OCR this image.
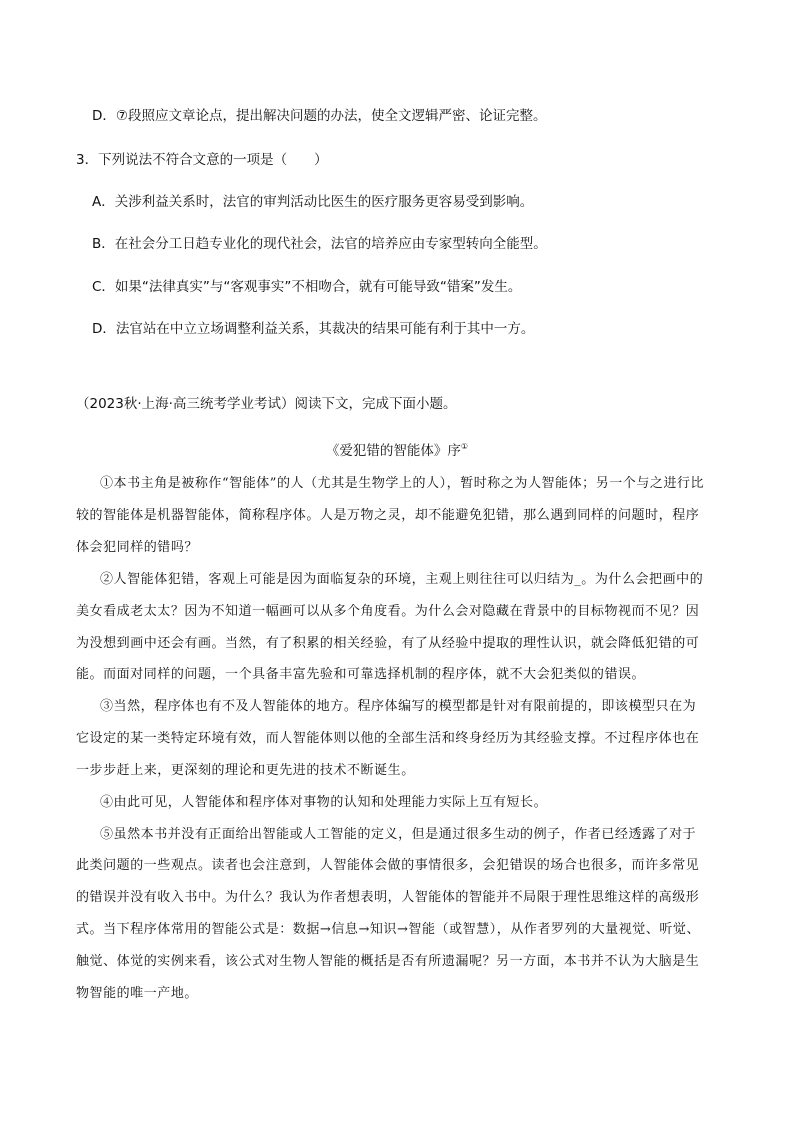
D．⑦段照应文章论点，提出解决问题的办法，使全文逻辑严密、论证完整。
3．下列说法不符合文意的一项是（　　）
A．关涉利益关系时，法官的审判活动比医生的医疗服务更容易受到影响。
B．在社会分工日趋专业化的现代社会，法官的培养应由专家型转向全能型。
C．如果“法律真实”与“客观事实”不相吻合，就有可能导致“错案”发生。
D．法官站在中立立场调整利益关系，其裁决的结果可能有利于其中一方。
（2023秋·上海·高三统考学业考试）阅读下文，完成下面小题。
《爱犯错的智能体》序①
①本书主角是被称作“智能体”的人（尤其是生物学上的人），暂时称之为人智能体；另一个与之进行比
较的智能体是机器智能体，简称程序体。人是万物之灵，却不能避免犯错，那么遇到同样的问题时，程序
体会犯同样的错吗？
②人智能体犯错，客观上可能是因为面临复杂的环境，主观上则往往可以归结为_。为什么会把画中的
美女看成老太太？因为不知道一幅画可以从多个角度看。为什么会对隐藏在背景中的目标物视而不见？因
为没想到画中还会有画。当然，有了积累的相关经验，有了从经验中提取的理性认识，就会降低犯错的可
能。而面对同样的问题，一个具备丰富先验和可靠选择机制的程序体，就不大会犯类似的错误。
③当然，程序体也有不及人智能体的地方。程序体编写的模型都是针对有限前提的，即该模型只在为
它设定的某一类特定环境有效，而人智能体则以他的全部生活和终身经历为其经验支撑。不过程序体也在
一步步赶上来，更深刻的理论和更先进的技术不断诞生。
④由此可见，人智能体和程序体对事物的认知和处理能力实际上互有短长。
⑤虽然本书并没有正面给出智能或人工智能的定义，但是通过很多生动的例子，作者已经透露了对于
此类问题的一些观点。读者也会注意到，人智能体会做的事情很多，会犯错误的场合也很多，而许多常见
的错误并没有收入书中。为什么？我认为作者想表明，人智能体的智能并不局限于理性思维这样的高级形
式。当下程序体常用的智能公式是：数据→信息→知识→智能（或智慧），从作者罗列的大量视觉、听觉、
触觉、体觉的实例来看，该公式对生物人智能的概括是否有所遗漏呢？另一方面，本书并不认为大脑是生
物智能的唯一产地。
